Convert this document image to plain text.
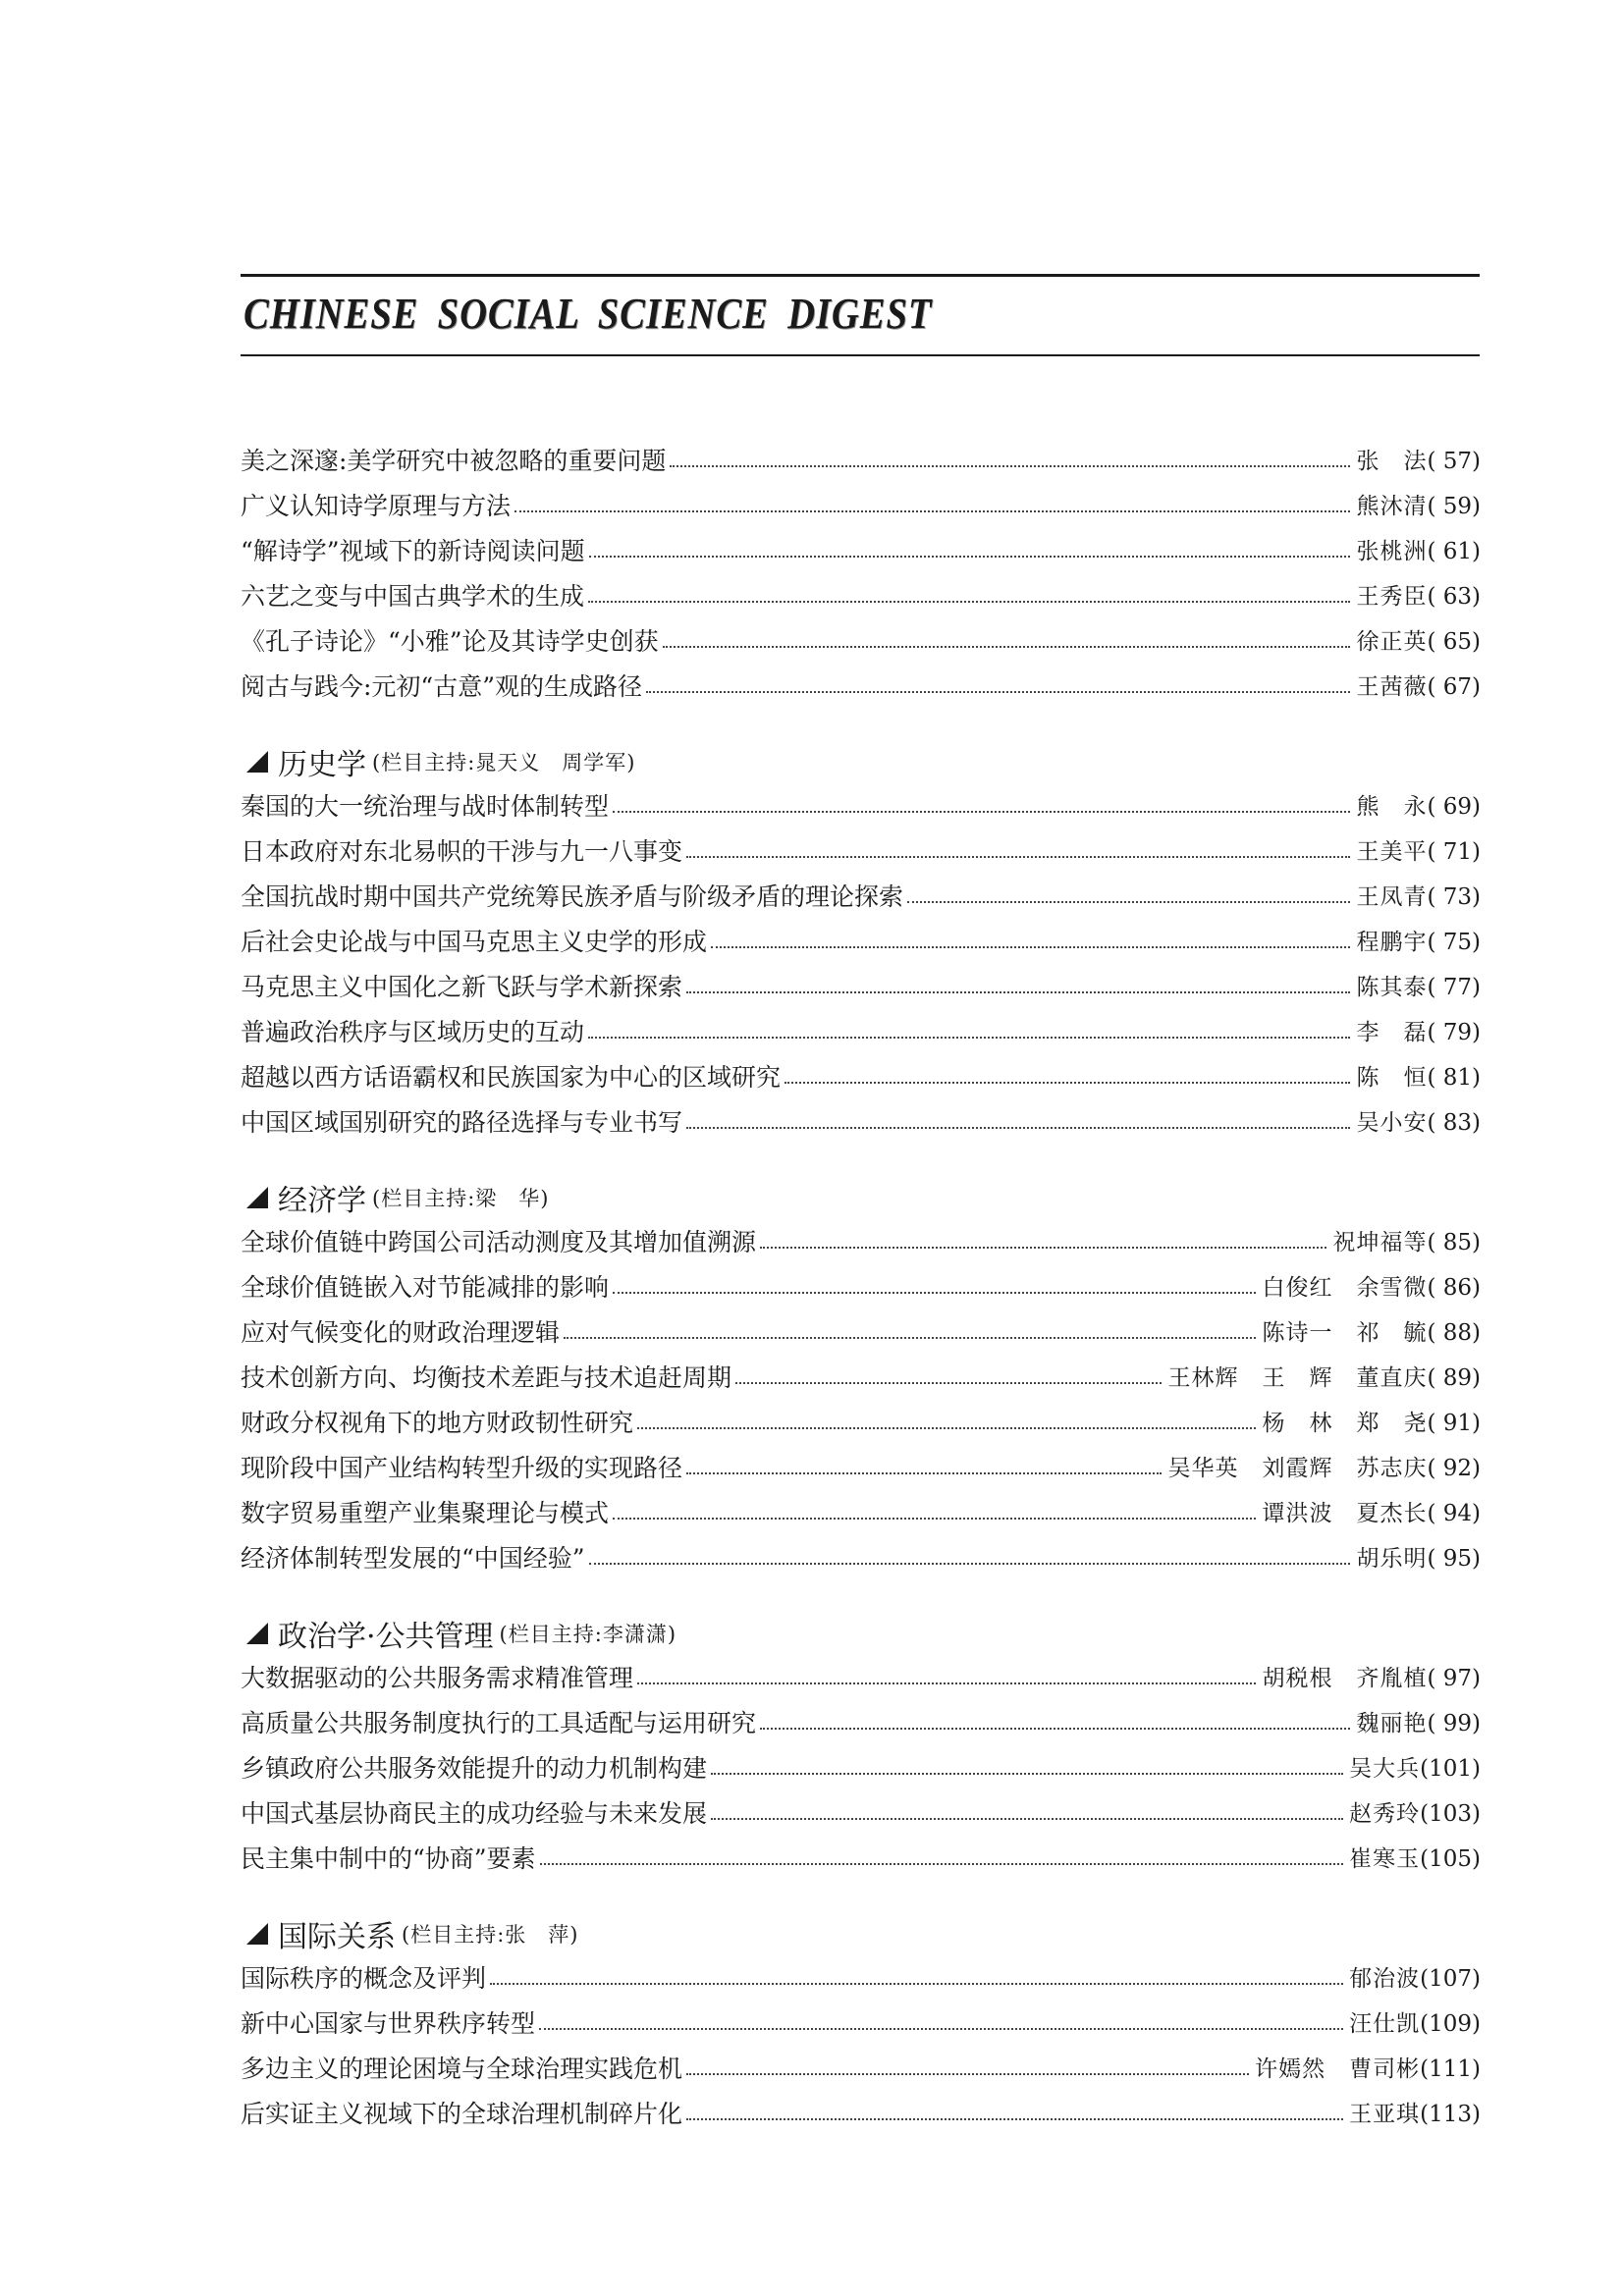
CHINESE SOCIAL SCIENCE DIGEST
美之深邃:美学研究中被忽略的重要问题	张　法 ( 57)
广义认知诗学原理与方法	熊沐清 ( 59)
“解诗学”视域下的新诗阅读问题	张桃洲 ( 61)
六艺之变与中国古典学术的生成	王秀臣 ( 63)
《孔子诗论》“小雅”论及其诗学史创获	徐正英 ( 65)
阅古与践今:元初“古意”观的生成路径	王茜薇 ( 67)
历史学 (栏目主持:晁天义　周学军)
秦国的大一统治理与战时体制转型	熊　永 ( 69)
日本政府对东北易帜的干涉与九一八事变	王美平 ( 71)
全国抗战时期中国共产党统筹民族矛盾与阶级矛盾的理论探索	王凤青 ( 73)
后社会史论战与中国马克思主义史学的形成	程鹏宇 ( 75)
马克思主义中国化之新飞跃与学术新探索	陈其泰 ( 77)
普遍政治秩序与区域历史的互动	李　磊 ( 79)
超越以西方话语霸权和民族国家为中心的区域研究	陈　恒 ( 81)
中国区域国别研究的路径选择与专业书写	吴小安 ( 83)
经济学 (栏目主持:梁　华)
全球价值链中跨国公司活动测度及其增加值溯源	祝坤福等 ( 85)
全球价值链嵌入对节能减排的影响	白俊红　余雪微 ( 86)
应对气候变化的财政治理逻辑	陈诗一　祁　毓 ( 88)
技术创新方向、均衡技术差距与技术追赶周期	王林辉　王　辉　董直庆 ( 89)
财政分权视角下的地方财政韧性研究	杨　林　郑　尧 ( 91)
现阶段中国产业结构转型升级的实现路径	吴华英　刘霞辉　苏志庆 ( 92)
数字贸易重塑产业集聚理论与模式	谭洪波　夏杰长 ( 94)
经济体制转型发展的“中国经验”	胡乐明 ( 95)
政治学·公共管理 (栏目主持:李潇潇)
大数据驱动的公共服务需求精准管理	胡税根　齐胤植 ( 97)
高质量公共服务制度执行的工具适配与运用研究	魏丽艳 ( 99)
乡镇政府公共服务效能提升的动力机制构建	吴大兵 (101)
中国式基层协商民主的成功经验与未来发展	赵秀玲 (103)
民主集中制中的“协商”要素	崔寒玉 (105)
国际关系 (栏目主持:张　萍)
国际秩序的概念及评判	郁治波 (107)
新中心国家与世界秩序转型	汪仕凯 (109)
多边主义的理论困境与全球治理实践危机	许嫣然　曹司彬 (111)
后实证主义视域下的全球治理机制碎片化	王亚琪 (113)
